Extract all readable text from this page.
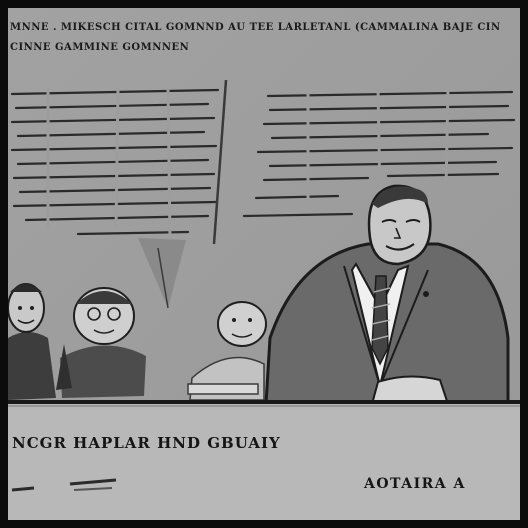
MNNE . MIKESCH CITAL GOMNND AU TEE LARLETANL (CAMMALINA BAJE CIN
CINNE GAMMINE GOMNNEN
NCGR HAPLAR HND GBUAIY
AOTAIRA A
